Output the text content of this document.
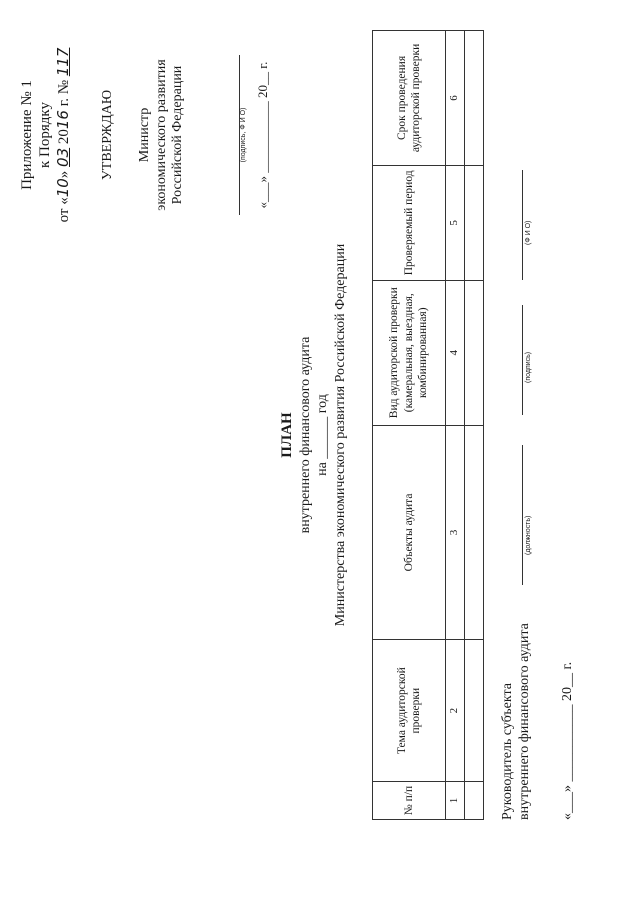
Приложение № 1 к Порядку
от «10» 03 2016 г. № 117
УТВЕРЖДАЮ Министр экономического развития Российской Федерации	(подпись, Ф И О) «___» ___________ 20__ г.
ПЛАН внутреннего финансового аудита на ______ год Министерства экономического развития Российской Федерации
№ п/п	Тема аудиторской проверки	Объекты аудита	Вид аудиторской проверки (камеральная, выездная, комбинированная)	Проверяемый период	Срок проведения аудиторской проверки
1	2	3	4	5	6

Руководитель субъекта внутреннего финансового аудита
(должность)
(подпись)
(Ф И О)
«___» ___________ 20__ г.
